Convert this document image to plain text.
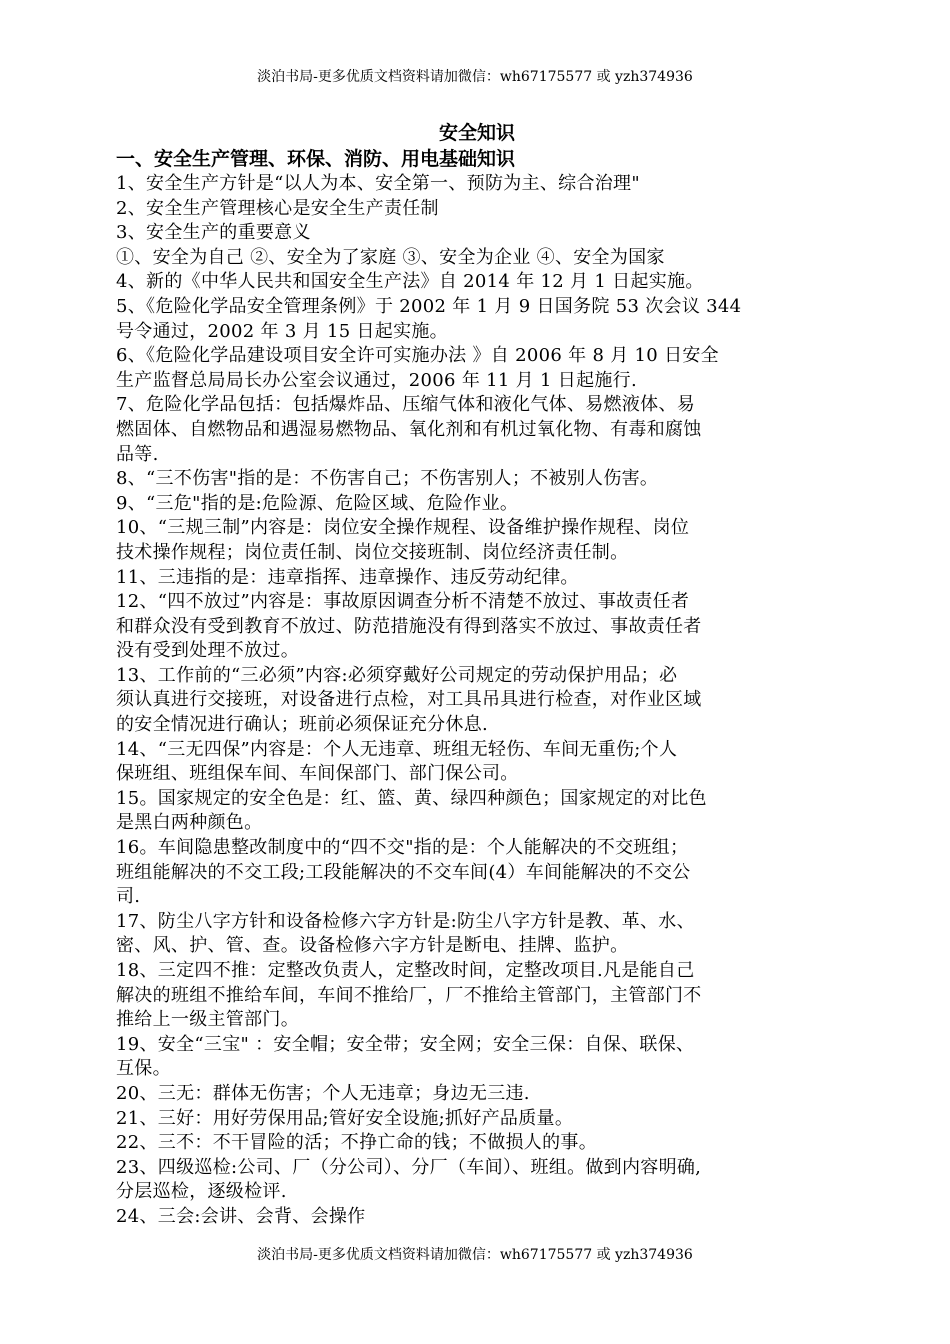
淡泊书局-更多优质文档资料请加微信：wh67175577 或 yzh374936
安全知识
一、安全生产管理、环保、消防、用电基础知识

1、安全生产方针是“以人为本、安全第一、预防为主、综合治理"

2、安全生产管理核心是安全生产责任制

3、安全生产的重要意义

①、安全为自己 ②、安全为了家庭 ③、安全为企业 ④、安全为国家

4、新的《中华人民共和国安全生产法》自 2014 年 12 月 1 日起实施。

5、《危险化学品安全管理条例》于 2002 年 1 月 9 日国务院 53 次会议 344

号令通过，2002 年 3 月 15 日起实施。

6、《危险化学品建设项目安全许可实施办法 》自 2006 年 8 月 10 日安全

生产监督总局局长办公室会议通过，2006 年 11 月 1 日起施行.

7、危险化学品包括：包括爆炸品、压缩气体和液化气体、易燃液体、易

燃固体、自燃物品和遇湿易燃物品、氧化剂和有机过氧化物、有毒和腐蚀

品等.

8、“三不伤害"指的是：不伤害自己；不伤害别人；不被别人伤害。

9、“三危"指的是:危险源、危险区域、危险作业。

10、“三规三制”内容是：岗位安全操作规程、设备维护操作规程、岗位

技术操作规程；岗位责任制、岗位交接班制、岗位经济责任制。

11、三违指的是：违章指挥、违章操作、违反劳动纪律。

12、“四不放过”内容是：事故原因调查分析不清楚不放过、事故责任者

和群众没有受到教育不放过、防范措施没有得到落实不放过、事故责任者

没有受到处理不放过。

13、工作前的“三必须”内容:必须穿戴好公司规定的劳动保护用品；必

须认真进行交接班，对设备进行点检，对工具吊具进行检查，对作业区域

的安全情况进行确认；班前必须保证充分休息.

14、“三无四保”内容是：个人无违章、班组无轻伤、车间无重伤;个人

保班组、班组保车间、车间保部门、部门保公司。

15。国家规定的安全色是：红、篮、黄、绿四种颜色；国家规定的对比色

是黑白两种颜色。

16。车间隐患整改制度中的“四不交"指的是：个人能解决的不交班组；

班组能解决的不交工段;工段能解决的不交车间(4）车间能解决的不交公

司.

17、防尘八字方针和设备检修六字方针是:防尘八字方针是教、革、水、

密、风、护、管、查。设备检修六字方针是断电、挂牌、监护。

18、三定四不推：定整改负责人，定整改时间，定整改项目.凡是能自己

解决的班组不推给车间，车间不推给厂，厂不推给主管部门，主管部门不

推给上一级主管部门。

19、安全“三宝" ：安全帽；安全带；安全网；安全三保：自保、联保、

互保。

20、三无：群体无伤害；个人无违章；身边无三违.

21、三好：用好劳保用品;管好安全设施;抓好产品质量。

22、三不：不干冒险的活；不挣亡命的钱；不做损人的事。

23、四级巡检:公司、厂（分公司）、分厂（车间）、班组。做到内容明确,

分层巡检，逐级检评.

24、三会:会讲、会背、会操作

淡泊书局-更多优质文档资料请加微信：wh67175577 或 yzh374936
